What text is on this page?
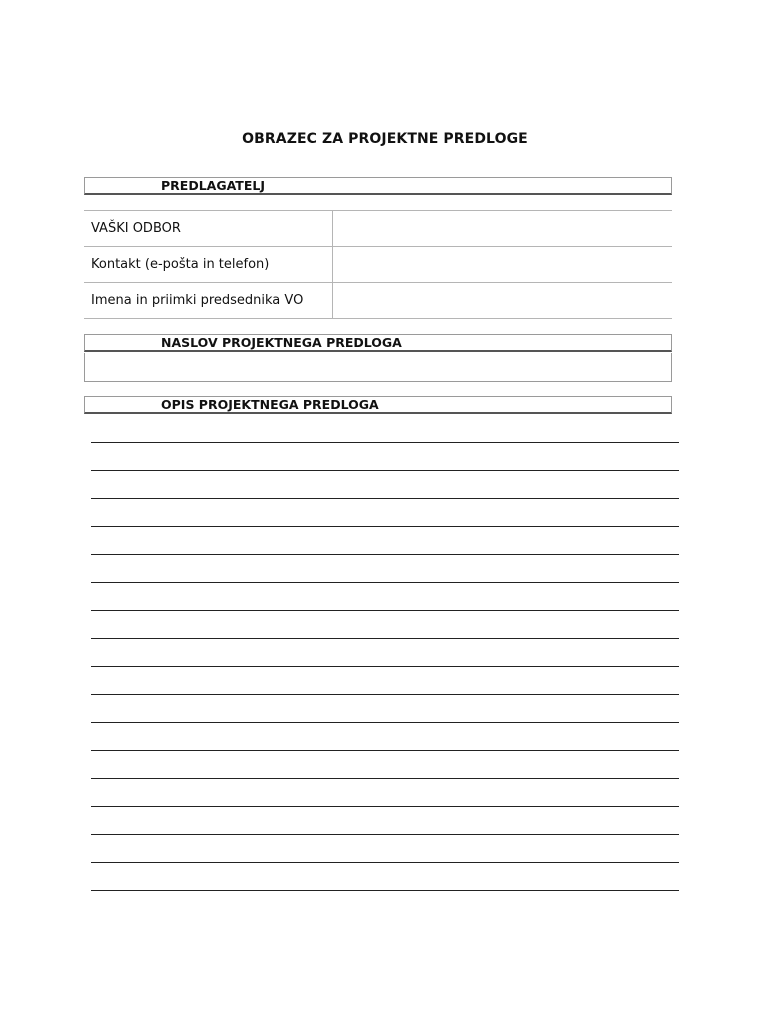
OBRAZEC ZA PROJEKTNE PREDLOGE
PREDLAGATELJ
VAŠKI ODBOR	
Kontakt (e-pošta in telefon)	
Imena in priimki predsednika VO	
NASLOV PROJEKTNEGA PREDLOGA
OPIS PROJEKTNEGA PREDLOGA
